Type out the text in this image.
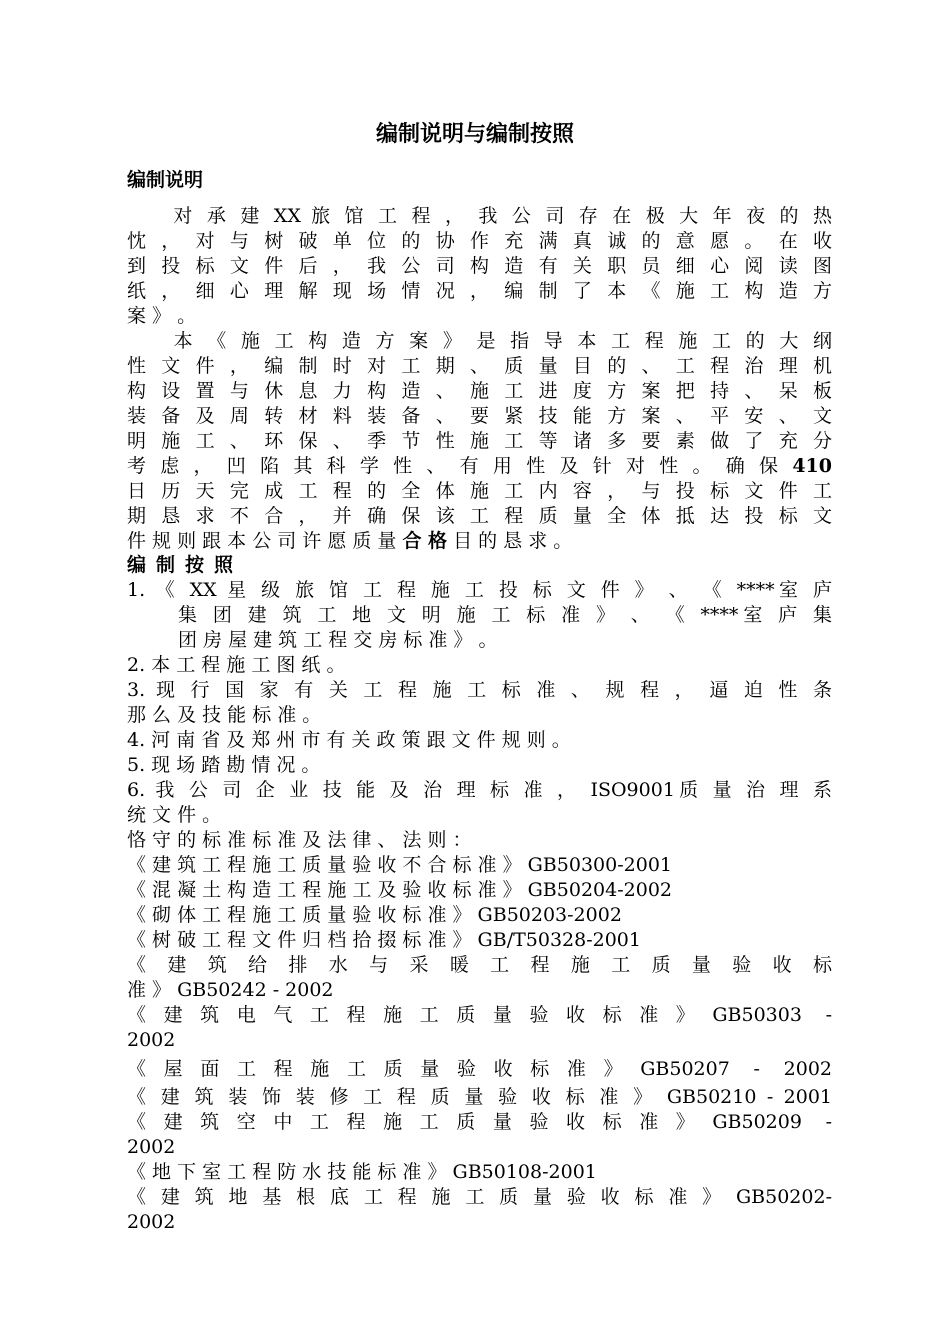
编制说明与编制按照
编制说明
　　对 承 建 XX 旅 馆 工 程 ， 我 公 司 存 在 极 大 年 夜 的 热
忱 ， 对 与 树 破 单 位 的 协 作 充 满 真 诚 的 意 愿 。 在 收
到 投 标 文 件 后 ， 我 公 司 构 造 有 关 职 员 细 心 阅 读 图
纸 ， 细 心 理 解 现 场 情 况 ， 编 制 了 本 《 施 工 构 造 方
案 》 。
　　本 《 施 工 构 造 方 案 》 是 指 导 本 工 程 施 工 的 大 纲
性 文 件 ， 编 制 时 对 工 期 、 质 量 目 的 、 工 程 治 理 机
构 设 置 与 休 息 力 构 造 、 施 工 进 度 方 案 把 持 、 呆 板
装 备 及 周 转 材 料 装 备 、 要 紧 技 能 方 案 、 平 安 、 文
明 施 工 、 环 保 、 季 节 性 施 工 等 诸 多 要 素 做 了 充 分
考 虑 ， 凹 陷 其 科 学 性 、 有 用 性 及 针 对 性 。 确 保 410
日 历 天 完 成 工 程 的 全 体 施 工 内 容 ， 与 投 标 文 件 工
期 恳 求 不 合 ， 并 确 保 该 工 程 质 量 全 体 抵 达 投 标 文
件 规 则 跟 本 公 司 许 愿 质 量 合 格 目 的 恳 求 。
编制按照
1. 《 XX 星 级 旅 馆 工 程 施 工 投 标 文 件 》 、 《 ****室 庐
集 团 建 筑 工 地 文 明 施 工 标 准 》 、 《 ****室 庐 集
团 房 屋 建 筑 工 程 交 房 标 准 》 。
2. 本 工 程 施 工 图 纸 。
3. 现 行 国 家 有 关 工 程 施 工 标 准 、 规 程 ， 逼 迫 性 条
那 么 及 技 能 标 准 。
4. 河 南 省 及 郑 州 市 有 关 政 策 跟 文 件 规 则 。
5. 现 场 踏 勘 情 况 。
6. 我 公 司 企 业 技 能 及 治 理 标 准 ， ISO9001质 量 治 理 系
统 文 件 。
恪 守 的 标 准 标 准 及 法 律 、 法 则 ：
《 建 筑 工 程 施 工 质 量 验 收 不 合 标 准 》 GB50300-2001
《 混 凝 土 构 造 工 程 施 工 及 验 收 标 准 》 GB50204-2002
《 砌 体 工 程 施 工 质 量 验 收 标 准 》 GB50203-2002
《 树 破 工 程 文 件 归 档 拾 掇 标 准 》 GB/T50328-2001
《 建 筑 给 排 水 与 采 暖 工 程 施 工 质 量 验 收 标
准 》 GB50242 - 2002
《 建 筑 电 气 工 程 施 工 质 量 验 收 标 准 》 GB50303  -
2002
《 屋 面 工 程 施 工 质 量 验 收 标 准 》 GB50207  -  2002
《 建 筑 装 饰 装 修 工 程 质 量 验 收 标 准 》 GB50210 - 2001
《 建 筑 空 中 工 程 施 工 质 量 验 收 标 准 》 GB50209  -
2002
《 地 下 室 工 程 防 水 技 能 标 准 》 GB50108-2001
《 建 筑 地 基 根 底 工 程 施 工 质 量 验 收 标 准 》 GB50202-
2002
